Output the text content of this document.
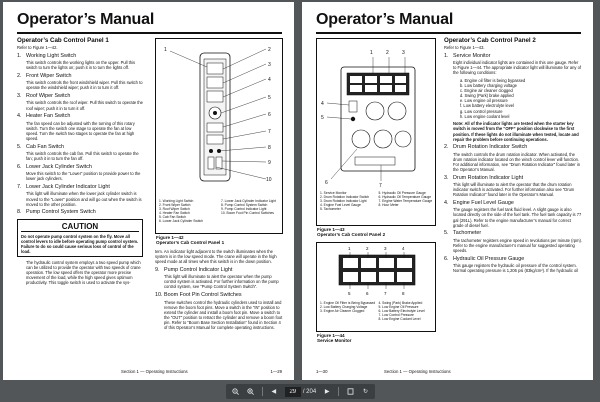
Operator’s Manual
Operator’s Cab Control Panel 1

Refer to Figure 1—42.

1. Working Light Switch

This switch controls the working lights on the upper. Pull this switch to turn the lights on; push it in to turn the lights off.

2. Front Wiper Switch

This switch controls the front windshield wiper. Pull this switch to operate the windshield wiper; push it in to turn it off.

3. Roof Wiper Switch

This switch controls the roof wiper. Pull this switch to operate the roof wiper; push it in to turn it off.

4. Heater Fan Switch

The fan speed can be adjusted with the turning of this rotary switch. Turn the switch one stage to operate the fan at low speed. Turn the switch two stages to operate the fan at high speed.

5. Cab Fan Switch

This switch controls the cab fan. Pull this switch to operate the fan; push it in to turn the fan off.

6. Lower Jack Cylinder Switch

Move this switch to the “Lower” position to provide power to the lower jack cylinders.

7. Lower Jack Cylinder Indicator Light

This light will illuminate when the lower jack cylinder switch is moved to the “Lower” position and will go out when the switch is moved to the other position.

8. Pump Control System Switch
CAUTION
Do not operate pump control system on the fly. Move all control levers to idle before operating pump control system. Failure to do so could cause serious loss of control of the load.

The hydraulic control system employs a two speed pump which can be utilized to provide the operator with two speeds of crane operation. The low speed offers the operator more precise movement of the load, while the high speed gives optimum productivity. This toggle switch is used to activate the sys-

1	2
3
4
5
6
7
8
9
10
1. Working Light Switch	7. Lower Jack Cylinder Indicator Light
2. Front Wiper Switch	8. Pump Control System Switch
3. Roof Wiper Switch	9. Pump Control Indicator Light
4. Heater Fan Switch	10. Boom Foot Pin Control Switches
5. Cab Fan Switch
6. Lower Jack Cylinder Switch
Figure 1—42
Operator’s Cab Control Panel 1

tem. An indicator light adjacent to the switch illuminates when the system is in the low speed mode. The crane will operate in the high speed mode at all times when this switch is in the down position.

9. Pump Control Indicator Light

This light will illuminate to alert the operator when the pump control system is activated. For further information on the pump control system, see “Pump Control System Switch”.

10. Boom Foot Pin Control Switches

These switches control the hydraulic cylinders used to install and remove the boom foot pins. Move a switch in the “IN” position to extend the cylinder and install a boom foot pin. Move a switch to the “OUT” position to retract the cylinder and remove a boom foot pin. Refer to “Boom Base Section Installation” found in Section 4 of this Operator’s Manual for complete operating instructions.

Section 1 — Operating Instructions	1—29
Operator’s Manual
1	2	3
4
5
6	7
1. Service Monitor	5. Hydraulic Oil Pressure Gauge
2. Drum Rotation Indicator Switch	6. Hydraulic Oil Temperature Gauge
3. Drum Rotation Indicator Light	7. Engine Water Temperature Gauge
4. Engine Fuel Level Gauge	8. Hour Meter
5. Tachometer
Figure 1—43
Operator’s Cab Control Panel 2
1	2	3	4
5	6	7	8
1. Engine Oil Filter is Being Bypassed 4. Swing (Park) Brake Applied
2. Low Battery Charging Voltage	5. Low Engine Oil Pressure
3. Engine Air Cleaner Clogged	6. Low Battery Electrolyte Level
7. Low Control Pressure
8. Low Engine Coolant Level
Figure 1—44
Service Monitor
Operator’s Cab Control Panel 2

Refer to Figure 1—43.

1. Service Monitor

Eight individual indicator lights are contained in this one gauge. Refer to Figure 1—44. The appropriate indicator light will illuminate for any of the following conditions:

a. Engine oil filter is being bypassed
b. Low battery charging voltage
c. Engine air cleaner clogged
d. Swing (Park) brake applied
e. Low engine oil pressure
f. Low battery electrolyte level
g. Low control pressure
h. Low engine coolant level

Note: All of the indicator lights are tested when the starter key switch is moved from the “OFF” position clockwise to the first position. If these lights do not illuminate when tested, locate and repair the problem before continuing operations.

2. Drum Rotation Indicator Switch

The switch controls the drum rotation indicator. When activated, the drum rotation indicator located on the winch control lever will function. For additional information, see “Drum Rotation Indicator” found later in the Operator’s Manual.

3. Drum Rotation Indicator Light

This light will illuminate to alert the operator that the drum rotation indicator switch is activated. For further information also see “Drum Rotation Indicator” found later in the Operator’s Manual.

4. Engine Fuel Level Gauge

The gauge registers the fuel tank fluid level. A slight gauge is also located directly on the side of the fuel tank. The fuel tank capacity is 77 gal (291L). Refer to the engine manufacturer’s manual for correct grade of diesel fuel.

5. Tachometer

The tachometer registers engine speed in revolutions per minute (rpm). Refer to the engine manufacturer’s manual for suggested operating speeds.

6. Hydraulic Oil Pressure Gauge

This gauge registers the hydraulic oil pressure of the control system. Normal operating pressure is 1,206 psi (83kg/cm²). If the hydraulic oil

1—30	Section 1 — Operating Instructions
◀
29	/ 204	▶	↻
